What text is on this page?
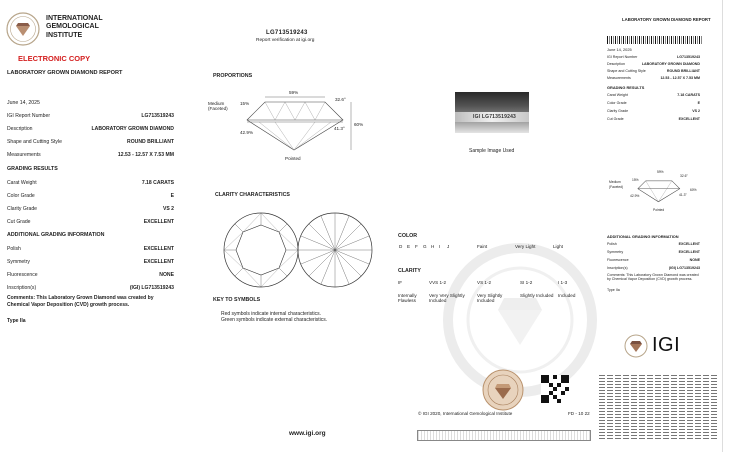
INTERNATIONAL
GEMOLOGICAL
INSTITUTE
ELECTRONIC COPY
LABORATORY GROWN DIAMOND REPORT
June 14, 2025
IGI Report Number	LG713519243
Description	LABORATORY GROWN DIAMOND
Shape and Cutting Style	ROUND BRILLIANT
Measurements	12.53 - 12.57 X 7.53 MM
GRADING RESULTS
Carat Weight	7.18 CARATS
Color Grade	E
Clarity Grade	VS 2
Cut Grade	EXCELLENT
ADDITIONAL GRADING INFORMATION
Polish	EXCELLENT
Symmetry	EXCELLENT
Fluorescence	NONE
Inscription(s)	(IGI) LG713519243
Comments: This Laboratory Grown Diamond was created by Chemical Vapor Deposition (CVD) growth process.
Type IIa
LG713519243
Report verification at igi.org
PROPORTIONS
59%
32.6°
15%
Medium
(Faceted)
42.9%
41.3°
60%
Pointed
IGI LG713519243
Sample Image Used
CLARITY CHARACTERISTICS
KEY TO SYMBOLS
Red symbols indicate internal characteristics.
Green symbols indicate external characteristics.
COLOR
D E F G H I J	Faint	Very Light	Light
CLARITY
IF	VVS 1-2	VS 1-2	SI 1-2	I 1-3
Internally Flawless
Very Very Slightly Included
Very Slightly Included
Slightly Included Included
© IGI 2020, International Gemological Institute	FD - 10 22
www.igi.org
LABORATORY GROWN DIAMOND REPORT
June 14, 2025
IGI Report Number	LG713519243
Description	LABORATORY GROWN DIAMOND
Shape and Cutting Style	ROUND BRILLIANT
Measurements	12.53 - 12.57 X 7.53 MM
GRADING RESULTS
Carat Weight	7.18 CARATS
Color Grade	E
Clarity Grade	VS 2
Cut Grade	EXCELLENT
59%
32.6°
15%
Medium
(Faceted)
42.9%	41.3°
60%
Pointed
ADDITIONAL GRADING INFORMATION
Polish	EXCELLENT
Symmetry	EXCELLENT
Fluorescence	NONE
Inscription(s)	(IGI) LG713519243
Comments: This Laboratory Grown Diamond was created by Chemical Vapor Deposition (CVD) growth process.
Type IIa
IGI
